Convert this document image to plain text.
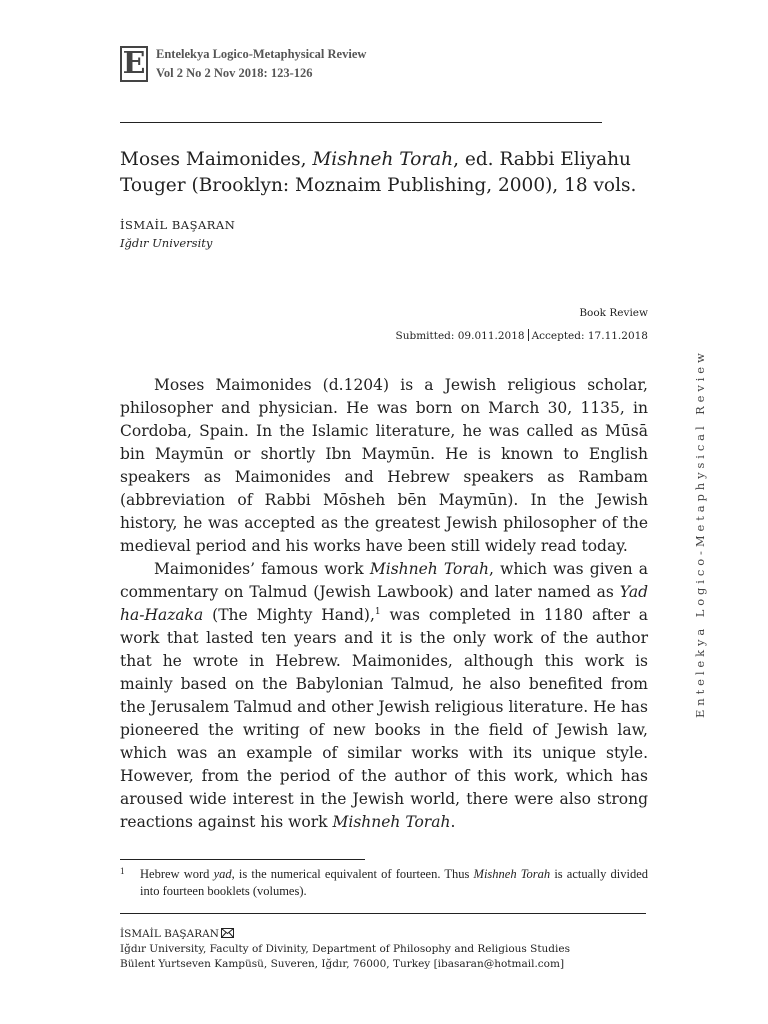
E Entelekya Logico-Metaphysical Review
Vol 2 No 2 Nov 2018: 123-126
Moses Maimonides, Mishneh Torah, ed. Rabbi Eliyahu Touger (Brooklyn: Moznaim Publishing, 2000), 18 vols.
İSMAİL BAŞARAN
Iğdır University
Book Review
Submitted: 09.011.2018 Accepted: 17.11.2018

Moses Maimonides (d.1204) is a Jewish religious scholar, philosopher and physician. He was born on March 30, 1135, in Cordoba, Spain. In the Islamic literature, he was called as Mūsā bin Maymūn or shortly Ibn Maymūn. He is known to English speakers as Maimonides and Hebrew speakers as Rambam (abbreviation of Rabbi Mōsheh bēn Maymūn). In the Jewish history, he was accepted as the greatest Jewish philosopher of the medieval period and his works have been still widely read today.

Maimonides’ famous work Mishneh Torah, which was given a commentary on Talmud (Jewish Lawbook) and later named as Yad ha-Hazaka (The Mighty Hand),$^1$ was completed in 1180 after a work that lasted ten years and it is the only work of the author that he wrote in Hebrew. Maimonides, although this work is mainly based on the Babylonian Talmud, he also benefited from the Jerusalem Talmud and other Jewish religious literature. He has pioneered the writing of new books in the field of Jewish law, which was an example of similar works with its unique style. However, from the period of the author of this work, which has aroused wide interest in the Jewish world, there were also strong reactions against his work Mishneh Torah.

1	Hebrew word yad, is the numerical equivalent of fourteen. Thus Mishneh Torah is actually divided into fourteen booklets (volumes).
İSMAİL BAŞARAN
Iğdır University, Faculty of Divinity, Department of Philosophy and Religious Studies
Bülent Yurtseven Kampüsü, Suveren, Iğdır, 76000, Turkey [ibasaran@hotmail.com]
Entelekya Logico-Metaphysical Review
